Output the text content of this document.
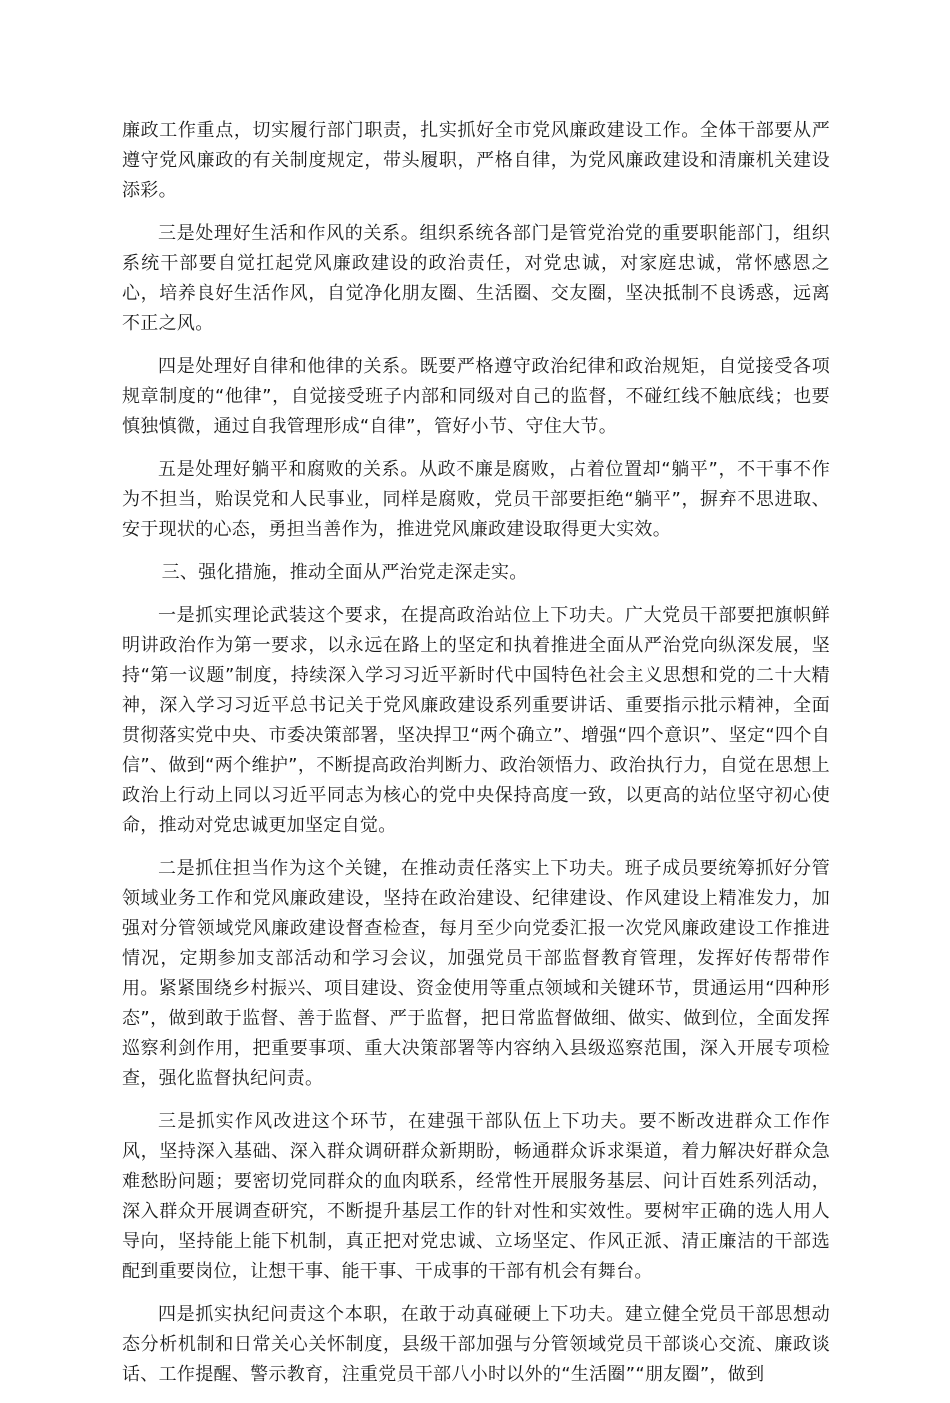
廉政工作重点，切实履行部门职责，扎实抓好全市党风廉政建设工作。全体干部要从严遵守党风廉政的有关制度规定，带头履职，严格自律，为党风廉政建设和清廉机关建设添彩。

三是处理好生活和作风的关系。组织系统各部门是管党治党的重要职能部门，组织系统干部要自觉扛起党风廉政建设的政治责任，对党忠诚，对家庭忠诚，常怀感恩之心，培养良好生活作风，自觉净化朋友圈、生活圈、交友圈，坚决抵制不良诱惑，远离不正之风。

四是处理好自律和他律的关系。既要严格遵守政治纪律和政治规矩，自觉接受各项规章制度的“他律”，自觉接受班子内部和同级对自己的监督，不碰红线不触底线；也要慎独慎微，通过自我管理形成“自律”，管好小节、守住大节。

五是处理好躺平和腐败的关系。从政不廉是腐败，占着位置却“躺平”，不干事不作为不担当，贻误党和人民事业，同样是腐败，党员干部要拒绝“躺平”，摒弃不思进取、安于现状的心态，勇担当善作为，推进党风廉政建设取得更大实效。

三、强化措施，推动全面从严治党走深走实。

一是抓实理论武装这个要求，在提高政治站位上下功夫。广大党员干部要把旗帜鲜明讲政治作为第一要求，以永远在路上的坚定和执着推进全面从严治党向纵深发展，坚持“第一议题”制度，持续深入学习习近平新时代中国特色社会主义思想和党的二十大精神，深入学习习近平总书记关于党风廉政建设系列重要讲话、重要指示批示精神，全面贯彻落实党中央、市委决策部署，坚决捍卫“两个确立”、增强“四个意识”、坚定“四个自信”、做到“两个维护”，不断提高政治判断力、政治领悟力、政治执行力，自觉在思想上政治上行动上同以习近平同志为核心的党中央保持高度一致，以更高的站位坚守初心使命，推动对党忠诚更加坚定自觉。

二是抓住担当作为这个关键，在推动责任落实上下功夫。班子成员要统筹抓好分管领域业务工作和党风廉政建设，坚持在政治建设、纪律建设、作风建设上精准发力，加强对分管领域党风廉政建设督查检查，每月至少向党委汇报一次党风廉政建设工作推进情况，定期参加支部活动和学习会议，加强党员干部监督教育管理，发挥好传帮带作用。紧紧围绕乡村振兴、项目建设、资金使用等重点领域和关键环节，贯通运用“四种形态”，做到敢于监督、善于监督、严于监督，把日常监督做细、做实、做到位，全面发挥巡察利剑作用，把重要事项、重大决策部署等内容纳入县级巡察范围，深入开展专项检查，强化监督执纪问责。

三是抓实作风改进这个环节，在建强干部队伍上下功夫。要不断改进群众工作作风，坚持深入基础、深入群众调研群众新期盼，畅通群众诉求渠道，着力解决好群众急难愁盼问题；要密切党同群众的血肉联系，经常性开展服务基层、问计百姓系列活动，深入群众开展调查研究，不断提升基层工作的针对性和实效性。要树牢正确的选人用人导向，坚持能上能下机制，真正把对党忠诚、立场坚定、作风正派、清正廉洁的干部选配到重要岗位，让想干事、能干事、干成事的干部有机会有舞台。

四是抓实执纪问责这个本职，在敢于动真碰硬上下功夫。建立健全党员干部思想动态分析机制和日常关心关怀制度，县级干部加强与分管领域党员干部谈心交流、廉政谈话、工作提醒、警示教育，注重党员干部八小时以外的“生活圈”“朋友圈”，做到
